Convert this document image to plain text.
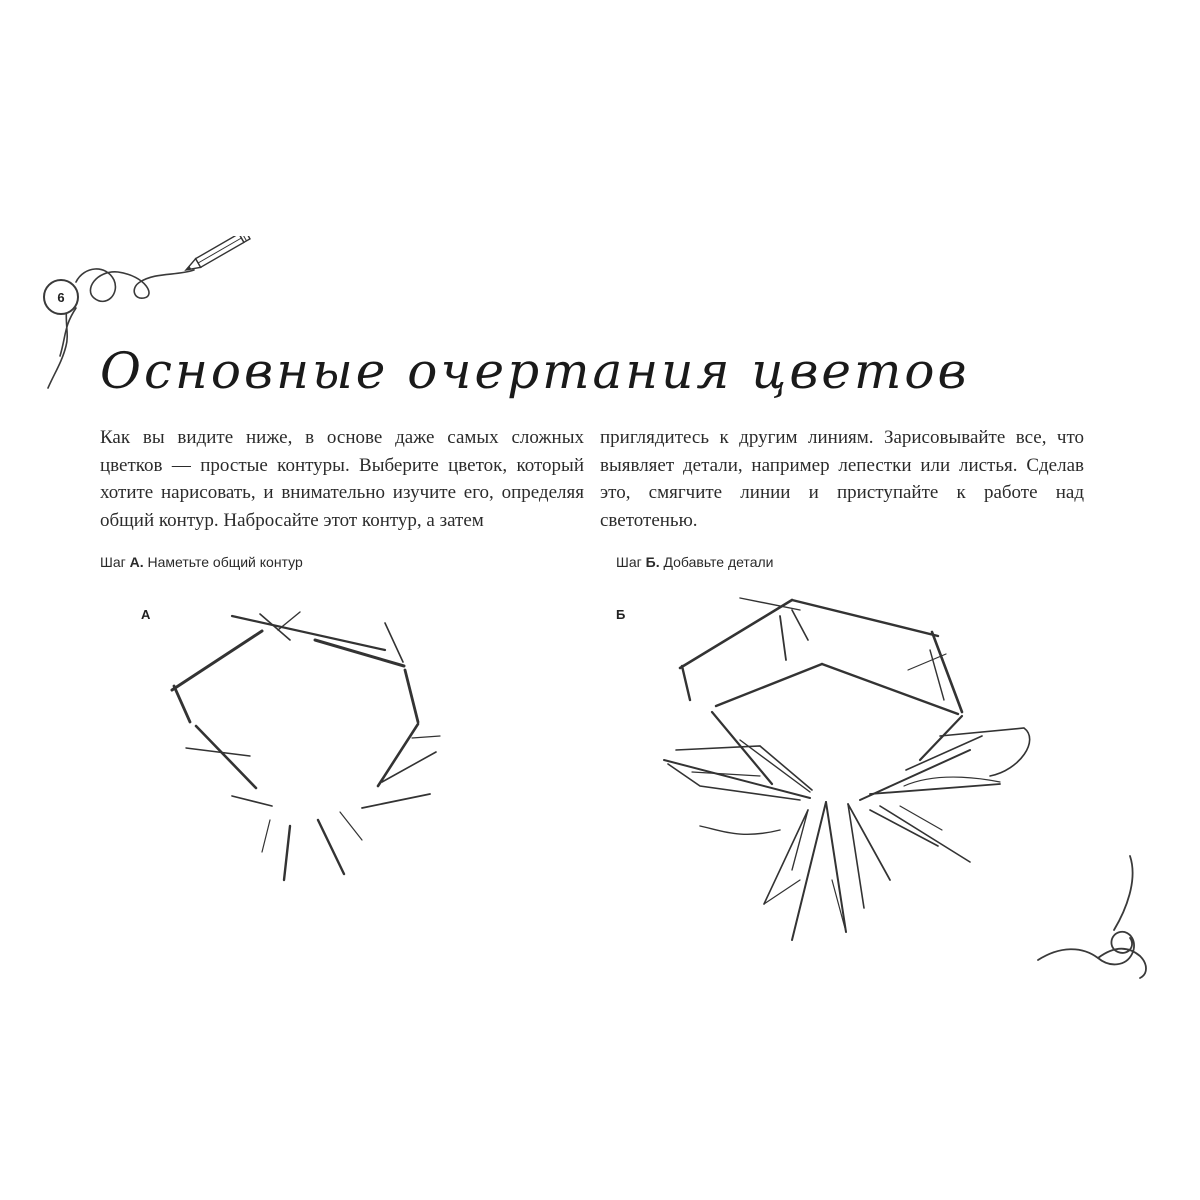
6
Основные очертания цветов
Как вы видите ниже, в основе даже самых сложных цветков — простые контуры. Выберите цветок, который хотите нарисовать, и внимательно изучите его, определяя общий контур. Набросайте этот контур, а затем
приглядитесь к другим линиям. Зарисовывайте все, что выявляет детали, например лепестки или листья. Сделав это, смягчите линии и приступайте к работе над светотенью.
Шаг А. Наметьте общий контур	Шаг Б. Добавьте детали
А	Б
